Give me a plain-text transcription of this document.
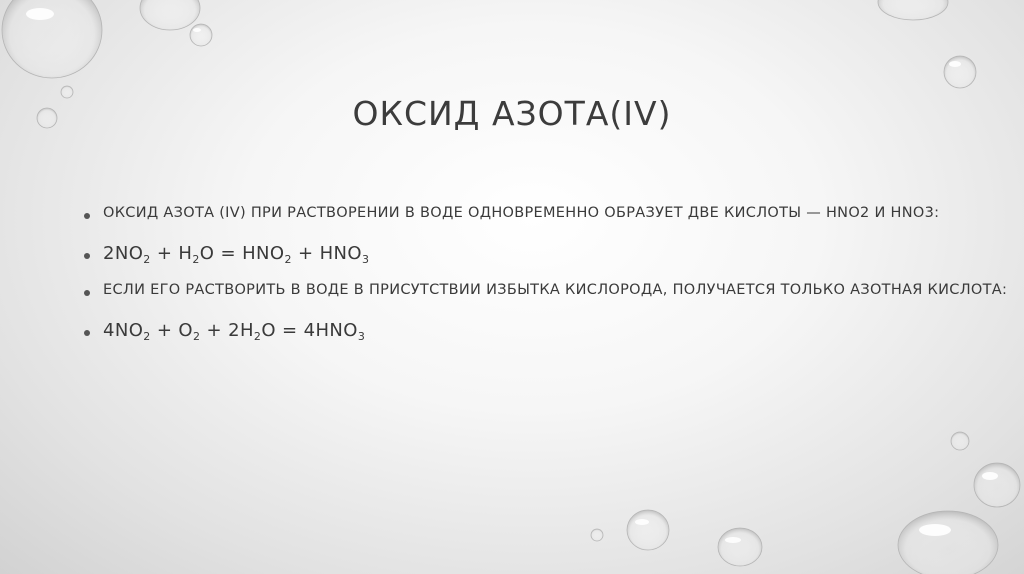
ОКСИД АЗОТА(IV)
ОКСИД АЗОТА (IV) ПРИ РАСТВОРЕНИИ В ВОДЕ ОДНОВРЕМЕННО ОБРАЗУЕТ ДВЕ КИСЛОТЫ — HNO2 И HNO3:
$2NO_2 + H_2O = HNO_2 + HNO_3$
ЕСЛИ ЕГО РАСТВОРИТЬ В ВОДЕ В ПРИСУТСТВИИ ИЗБЫТКА КИСЛОРОДА, ПОЛУЧАЕТСЯ ТОЛЬКО АЗОТНАЯ КИСЛОТА:
$4NO_2 + O_2 + 2H_2O = 4HNO_3$
